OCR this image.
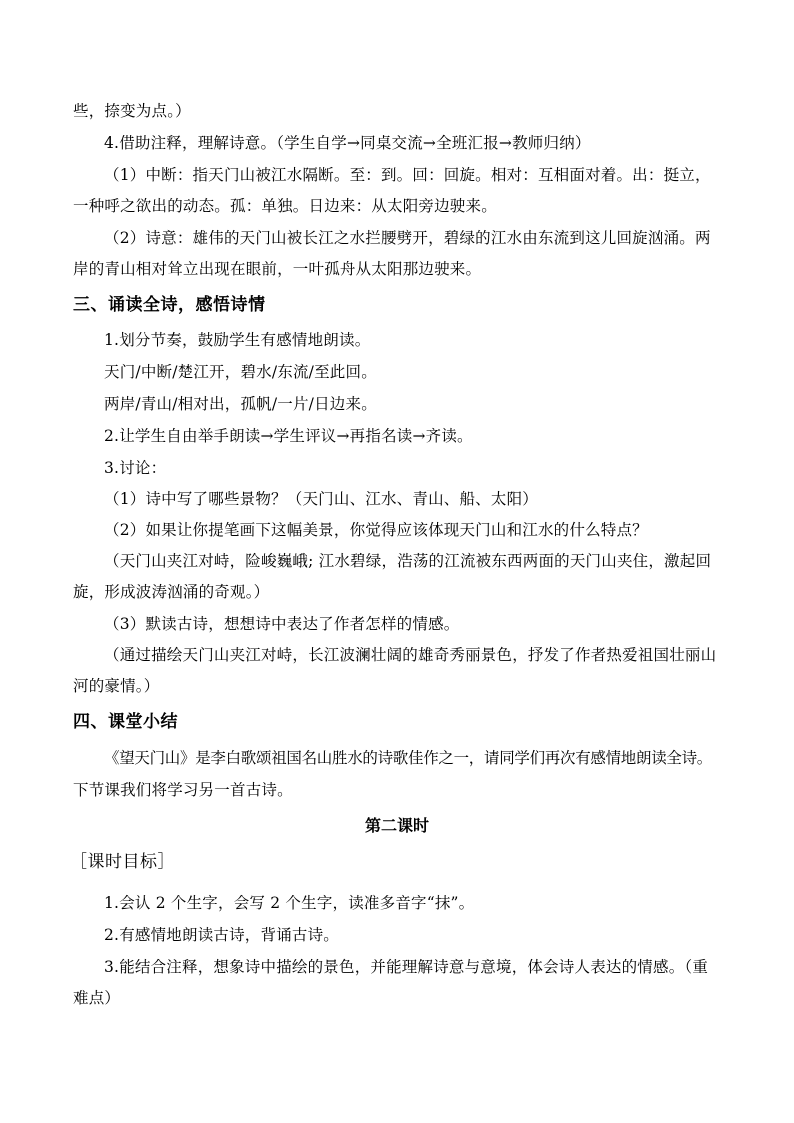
些，捺变为点。）
4.借助注释，理解诗意。（学生自学→同桌交流→全班汇报→教师归纳）
（1）中断：指天门山被江水隔断。至：到。回：回旋。相对：互相面对着。出：挺立，
一种呼之欲出的动态。孤：单独。日边来：从太阳旁边驶来。
（2）诗意：雄伟的天门山被长江之水拦腰劈开，碧绿的江水由东流到这儿回旋汹涌。两
岸的青山相对耸立出现在眼前，一叶孤舟从太阳那边驶来。
三、诵读全诗，感悟诗情
1.划分节奏，鼓励学生有感情地朗读。
天门/中断/楚江开，碧水/东流/至此回。
两岸/青山/相对出，孤帆/一片/日边来。
2.让学生自由举手朗读→学生评议→再指名读→齐读。
3.讨论：
（1）诗中写了哪些景物？（天门山、江水、青山、船、太阳）
（2）如果让你提笔画下这幅美景，你觉得应该体现天门山和江水的什么特点？
（天门山夹江对峙，险峻巍峨; 江水碧绿，浩荡的江流被东西两面的天门山夹住，激起回
旋，形成波涛汹涌的奇观。）
（3）默读古诗，想想诗中表达了作者怎样的情感。
（通过描绘天门山夹江对峙，长江波澜壮阔的雄奇秀丽景色，抒发了作者热爱祖国壮丽山
河的豪情。）
四、课堂小结
《望天门山》是李白歌颂祖国名山胜水的诗歌佳作之一，请同学们再次有感情地朗读全诗。
下节课我们将学习另一首古诗。
第二课时
［课时目标］
1.会认 2 个生字，会写 2 个生字，读准多音字“抹”。
2.有感情地朗读古诗，背诵古诗。
3.能结合注释，想象诗中描绘的景色，并能理解诗意与意境，体会诗人表达的情感。（重
难点）
